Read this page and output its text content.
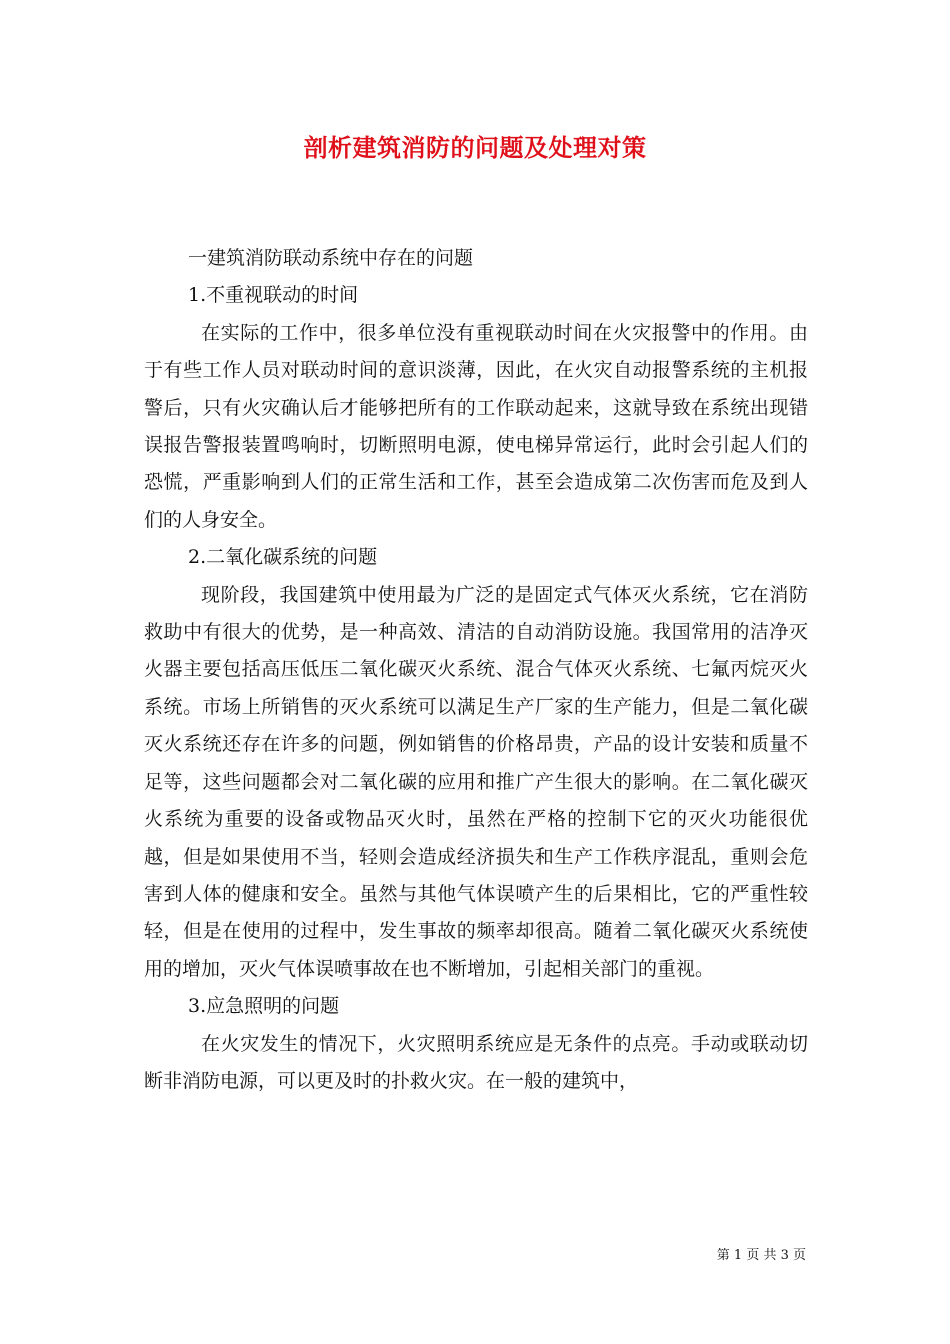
剖析建筑消防的问题及处理对策

一建筑消防联动系统中存在的问题

1.不重视联动的时间

在实际的工作中，很多单位没有重视联动时间在火灾报警中的作用。由于有些工作人员对联动时间的意识淡薄，因此，在火灾自动报警系统的主机报警后，只有火灾确认后才能够把所有的工作联动起来，这就导致在系统出现错误报告警报装置鸣响时，切断照明电源，使电梯异常运行，此时会引起人们的恐慌，严重影响到人们的正常生活和工作，甚至会造成第二次伤害而危及到人们的人身安全。

2.二氧化碳系统的问题

现阶段，我国建筑中使用最为广泛的是固定式气体灭火系统，它在消防救助中有很大的优势，是一种高效、清洁的自动消防设施。我国常用的洁净灭火器主要包括高压低压二氧化碳灭火系统、混合气体灭火系统、七氟丙烷灭火系统。市场上所销售的灭火系统可以满足生产厂家的生产能力，但是二氧化碳灭火系统还存在许多的问题，例如销售的价格昂贵，产品的设计安装和质量不足等，这些问题都会对二氧化碳的应用和推广产生很大的影响。在二氧化碳灭火系统为重要的设备或物品灭火时，虽然在严格的控制下它的灭火功能很优越，但是如果使用不当，轻则会造成经济损失和生产工作秩序混乱，重则会危害到人体的健康和安全。虽然与其他气体误喷产生的后果相比，它的严重性较轻，但是在使用的过程中，发生事故的频率却很高。随着二氧化碳灭火系统使用的增加，灭火气体误喷事故在也不断增加，引起相关部门的重视。

3.应急照明的问题

在火灾发生的情况下，火灾照明系统应是无条件的点亮。手动或联动切断非消防电源，可以更及时的扑救火灾。在一般的建筑中，

第 1 页 共 3 页
